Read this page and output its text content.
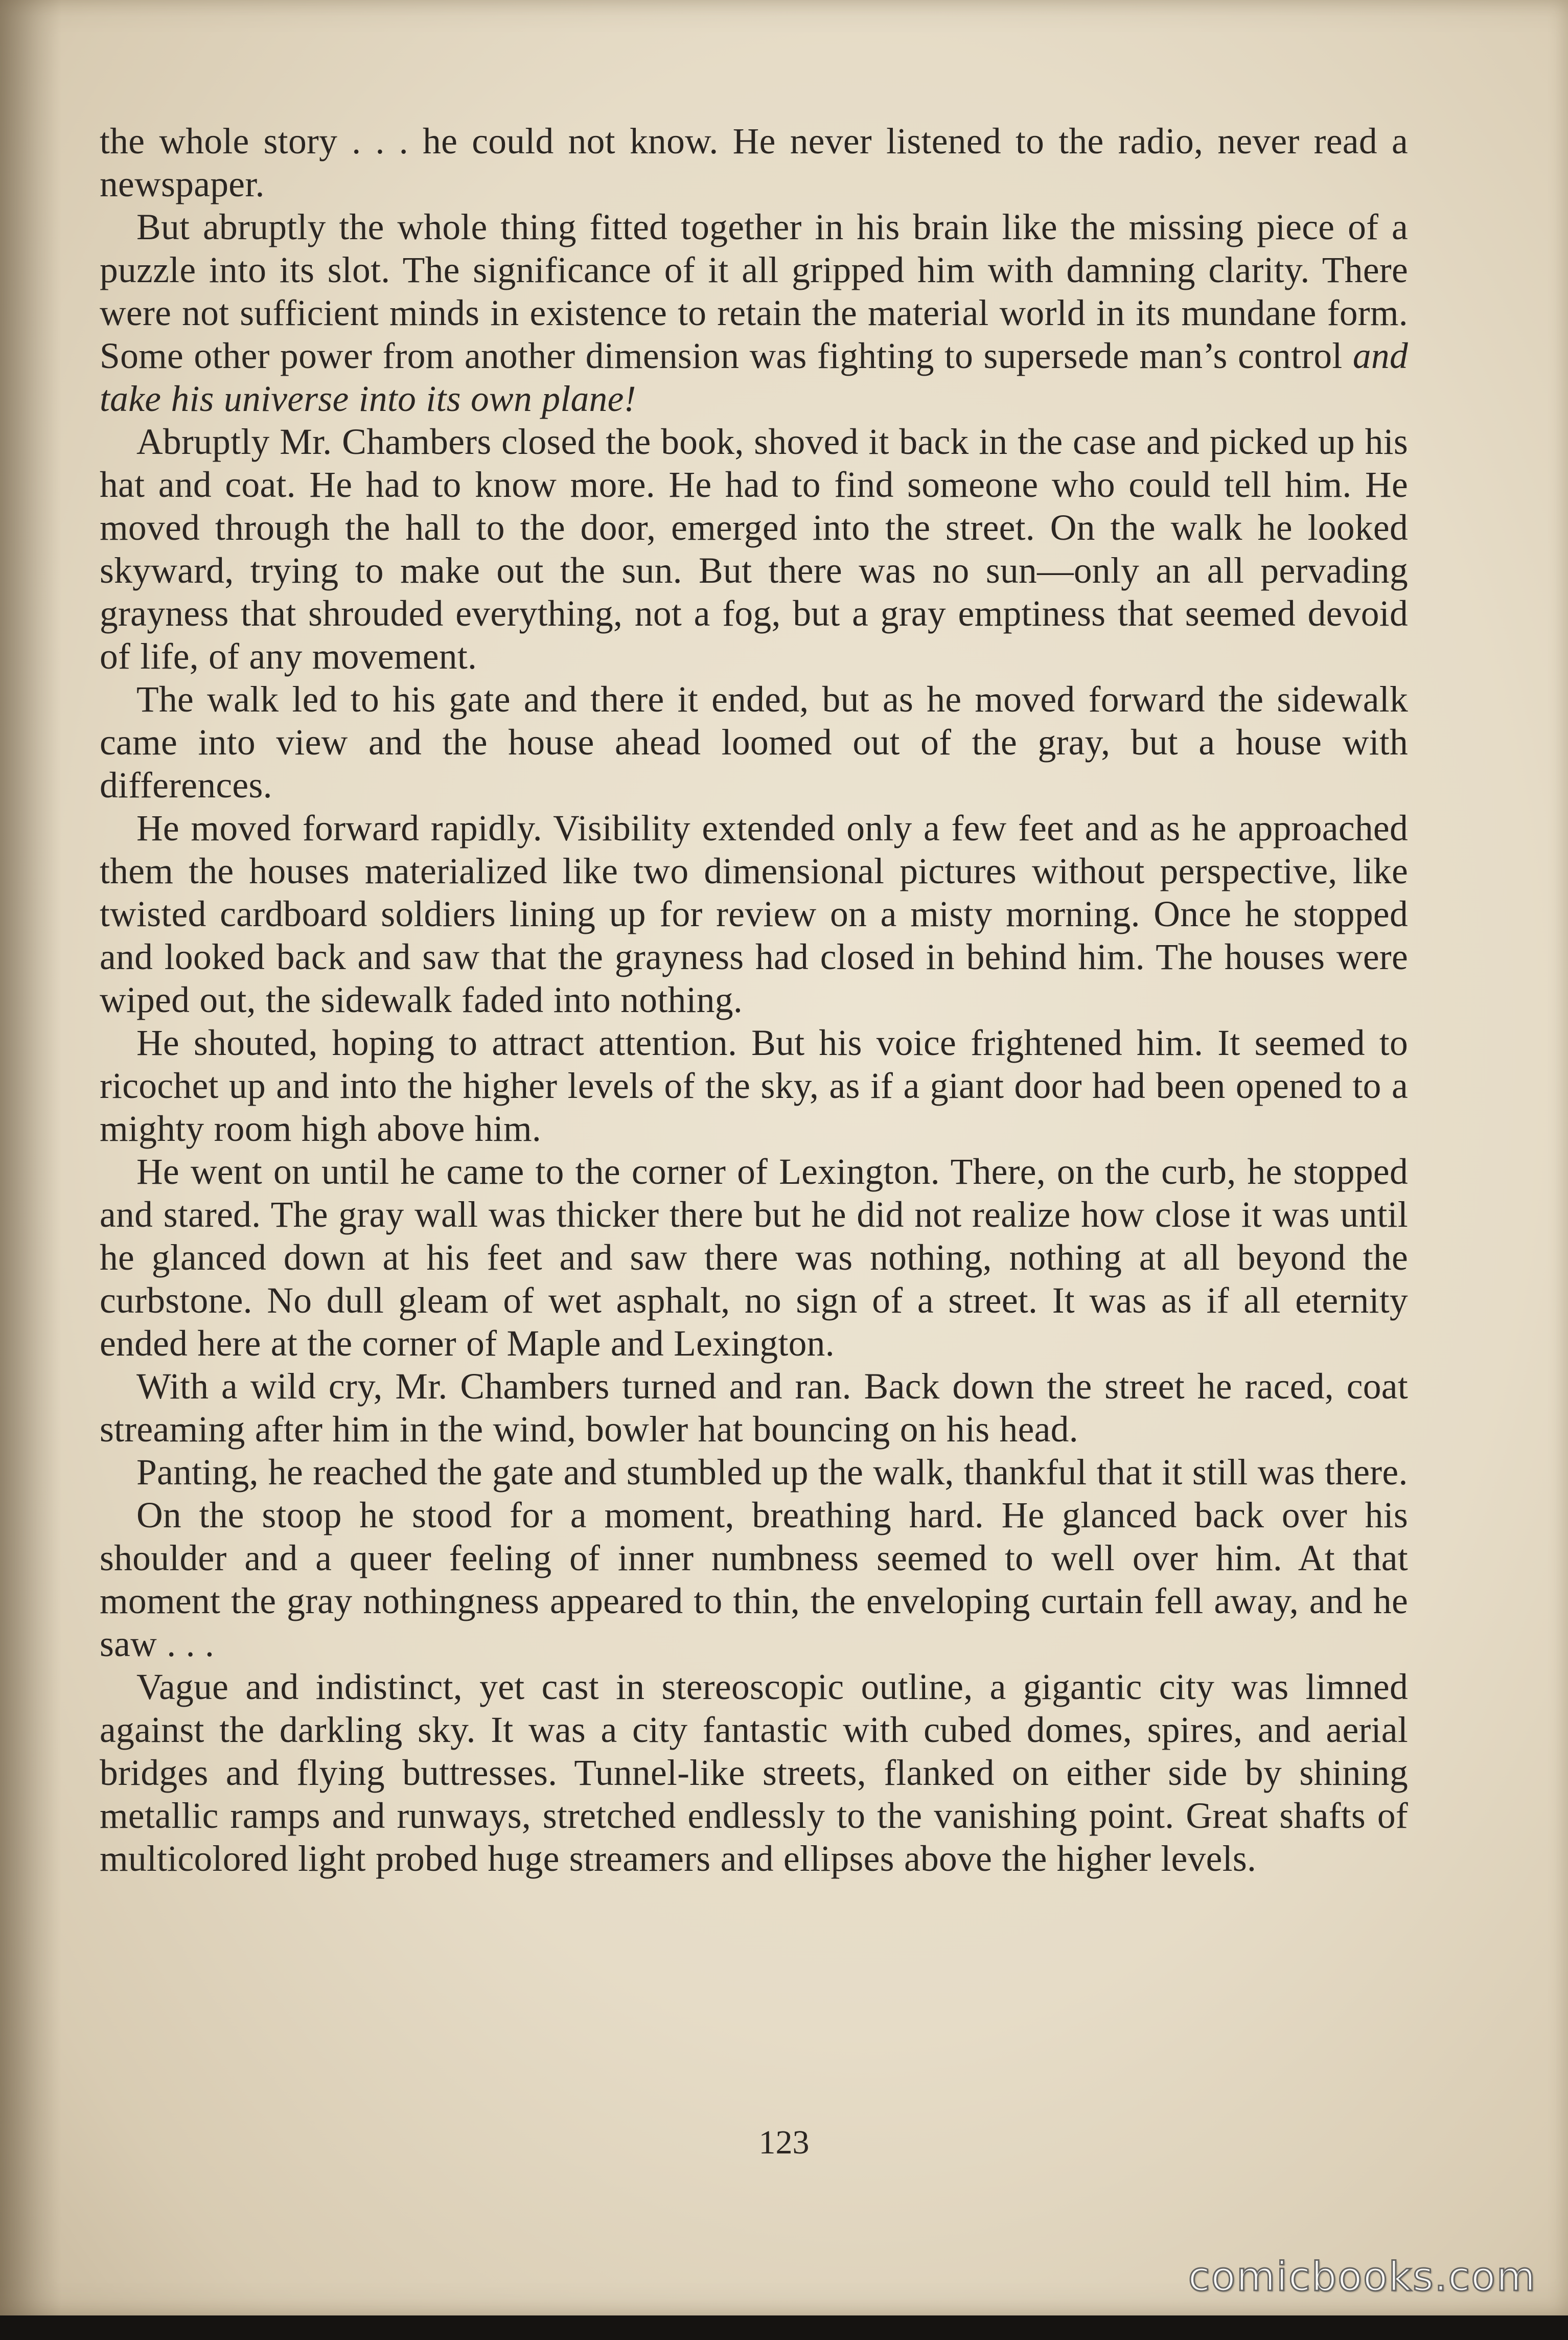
the whole story . . . he could not know. He never listened to the radio, never read a newspaper.

But abruptly the whole thing fitted together in his brain like the missing piece of a puzzle into its slot. The significance of it all gripped him with damning clarity. There were not sufficient minds in existence to retain the material world in its mundane form. Some other power from another dimension was fighting to supersede man’s control and take his universe into its own plane!

Abruptly Mr. Chambers closed the book, shoved it back in the case and picked up his hat and coat. He had to know more. He had to find someone who could tell him. He moved through the hall to the door, emerged into the street. On the walk he looked skyward, trying to make out the sun. But there was no sun—only an all pervading grayness that shrouded everything, not a fog, but a gray emptiness that seemed devoid of life, of any movement.

The walk led to his gate and there it ended, but as he moved forward the sidewalk came into view and the house ahead loomed out of the gray, but a house with differences.

He moved forward rapidly. Visibility extended only a few feet and as he approached them the houses materialized like two dimensional pictures without perspective, like twisted cardboard soldiers lining up for review on a misty morning. Once he stopped and looked back and saw that the grayness had closed in behind him. The houses were wiped out, the sidewalk faded into nothing.

He shouted, hoping to attract attention. But his voice frightened him. It seemed to ricochet up and into the higher levels of the sky, as if a giant door had been opened to a mighty room high above him.

He went on until he came to the corner of Lexington. There, on the curb, he stopped and stared. The gray wall was thicker there but he did not realize how close it was until he glanced down at his feet and saw there was nothing, nothing at all beyond the curbstone. No dull gleam of wet asphalt, no sign of a street. It was as if all eternity ended here at the corner of Maple and Lexington.

With a wild cry, Mr. Chambers turned and ran. Back down the street he raced, coat streaming after him in the wind, bowler hat bouncing on his head.

Panting, he reached the gate and stumbled up the walk, thankful that it still was there.

On the stoop he stood for a moment, breathing hard. He glanced back over his shoulder and a queer feeling of inner numbness seemed to well over him. At that moment the gray nothingness appeared to thin, the enveloping curtain fell away, and he saw . . .

Vague and indistinct, yet cast in stereoscopic outline, a gigantic city was limned against the darkling sky. It was a city fantastic with cubed domes, spires, and aerial bridges and flying buttresses. Tunnel-like streets, flanked on either side by shining metallic ramps and runways, stretched endlessly to the vanishing point. Great shafts of multicolored light probed huge streamers and ellipses above the higher levels.

123
comicbooks.com
